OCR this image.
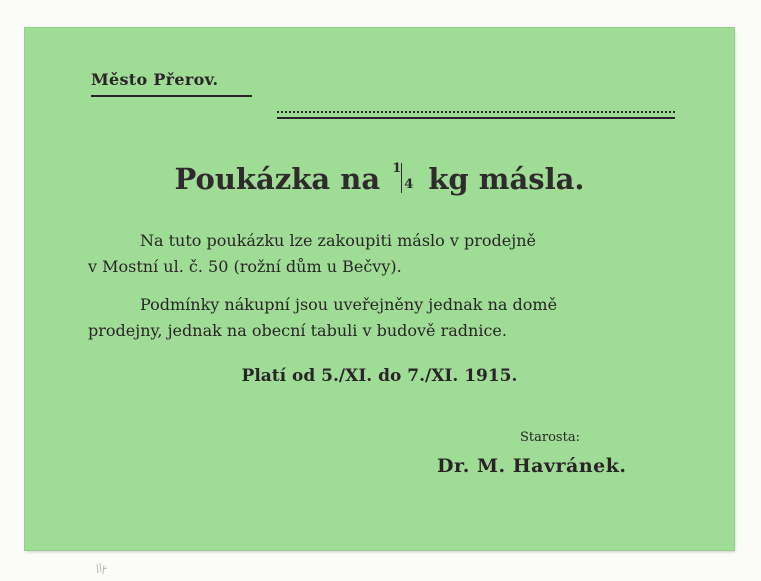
Město Přerov.
Poukázka na 1
4 kg másla.
Na tuto poukázku lze zakoupiti máslo v prodejně
v Mostní ul. č. 50 (rožní dům u Bečvy).
Podmínky nákupní jsou uveřejněny jednak na domě
prodejny, jednak na obecní tabuli v budově radnice.
Platí od 5./XI. do 7./XI. 1915.
Starosta:
Dr. M. Havránek.
